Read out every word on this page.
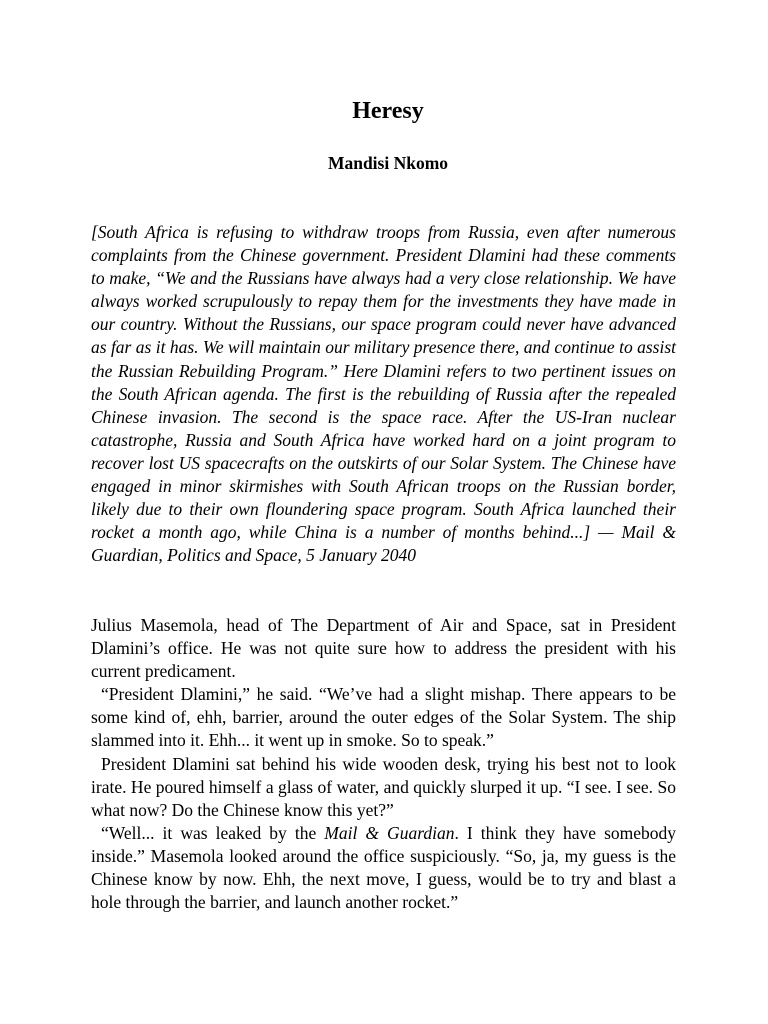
Heresy
Mandisi Nkomo

[South Africa is refusing to withdraw troops from Russia, even after numerous complaints from the Chinese government. President Dlamini had these comments to make, “We and the Russians have always had a very close relationship. We have always worked scrupulously to repay them for the investments they have made in our country. Without the Russians, our space program could never have advanced as far as it has. We will maintain our military presence there, and continue to assist the Russian Rebuilding Program.” Here Dlamini refers to two pertinent issues on the South African agenda. The first is the rebuilding of Russia after the repealed Chinese invasion. The second is the space race. After the US-Iran nuclear catastrophe, Russia and South Africa have worked hard on a joint program to recover lost US spacecrafts on the outskirts of our Solar System. The Chinese have engaged in minor skirmishes with South African troops on the Russian border, likely due to their own floundering space program. South Africa launched their rocket a month ago, while China is a number of months behind...] — Mail & Guardian, Politics and Space, 5 January 2040

Julius Masemola, head of The Department of Air and Space, sat in President Dlamini’s office. He was not quite sure how to address the president with his current predicament.

“President Dlamini,” he said. “We’ve had a slight mishap. There appears to be some kind of, ehh, barrier, around the outer edges of the Solar System. The ship slammed into it. Ehh... it went up in smoke. So to speak.”

President Dlamini sat behind his wide wooden desk, trying his best not to look irate. He poured himself a glass of water, and quickly slurped it up. “I see. I see. So what now? Do the Chinese know this yet?”

“Well... it was leaked by the Mail & Guardian. I think they have somebody inside.” Masemola looked around the office suspiciously. “So, ja, my guess is the Chinese know by now. Ehh, the next move, I guess, would be to try and blast a hole through the barrier, and launch another rocket.”
